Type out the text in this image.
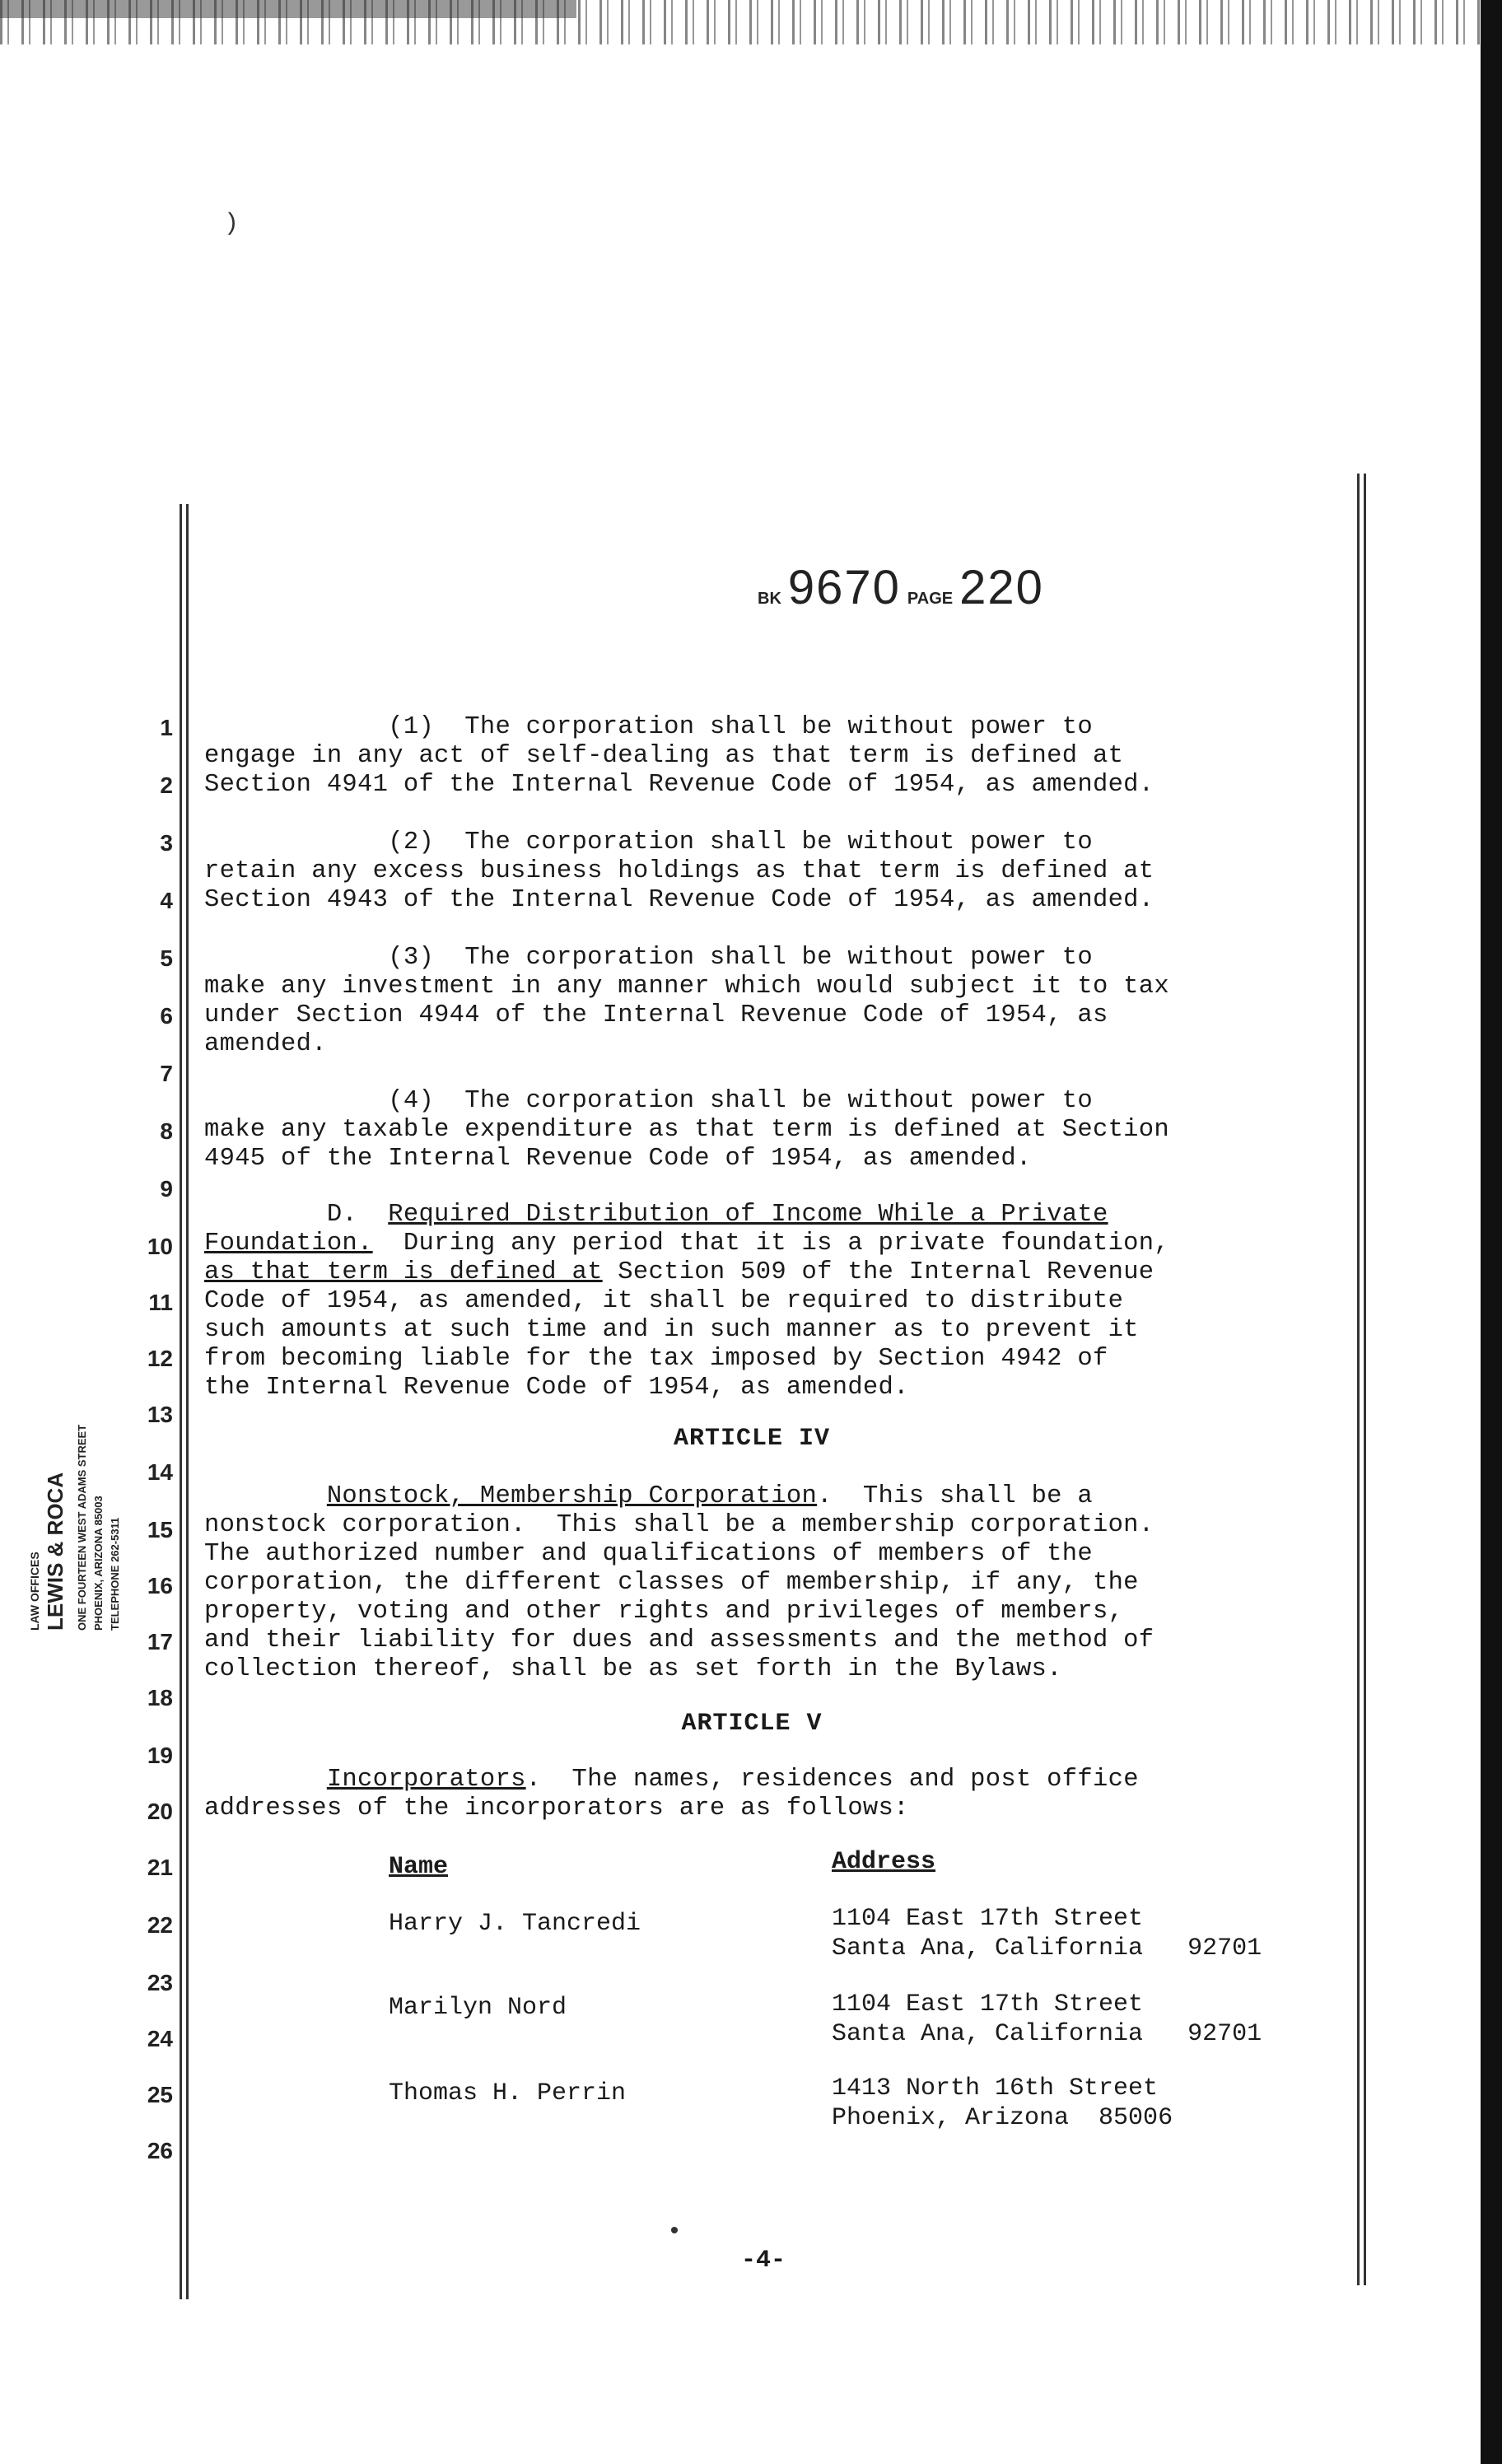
)
BK 9670 PAGE 220
1
2
3
4
5
6
7
8
9
10
11
12
13
14
15
16
17
18
19
20
21
22
23
24
25
26
LAW OFFICES LEWIS & ROCA ONE FOURTEEN WEST ADAMS STREET PHOENIX, ARIZONA 85003 TELEPHONE 262-5311
(1)  The corporation shall be without power to
engage in any act of self-dealing as that term is defined at
Section 4941 of the Internal Revenue Code of 1954, as amended.
(2)  The corporation shall be without power to
retain any excess business holdings as that term is defined at
Section 4943 of the Internal Revenue Code of 1954, as amended.
(3)  The corporation shall be without power to
make any investment in any manner which would subject it to tax
under Section 4944 of the Internal Revenue Code of 1954, as
amended.
(4)  The corporation shall be without power to
make any taxable expenditure as that term is defined at Section
4945 of the Internal Revenue Code of 1954, as amended.
D.  Required Distribution of Income While a Private
Foundation.  During any period that it is a private foundation,
as that term is defined at Section 509 of the Internal Revenue
Code of 1954, as amended, it shall be required to distribute
such amounts at such time and in such manner as to prevent it
from becoming liable for the tax imposed by Section 4942 of
the Internal Revenue Code of 1954, as amended.
ARTICLE IV
Nonstock, Membership Corporation.  This shall be a
nonstock corporation.  This shall be a membership corporation.
The authorized number and qualifications of members of the
corporation, the different classes of membership, if any, the
property, voting and other rights and privileges of members,
and their liability for dues and assessments and the method of
collection thereof, shall be as set forth in the Bylaws.
ARTICLE V
Incorporators.  The names, residences and post office
addresses of the incorporators are as follows:
Name	Address
Harry J. Tancredi	1104 East 17th Street
Santa Ana, California   92701
Marilyn Nord	1104 East 17th Street
Santa Ana, California   92701
Thomas H. Perrin	1413 North 16th Street
Phoenix, Arizona  85006
•
-4-
